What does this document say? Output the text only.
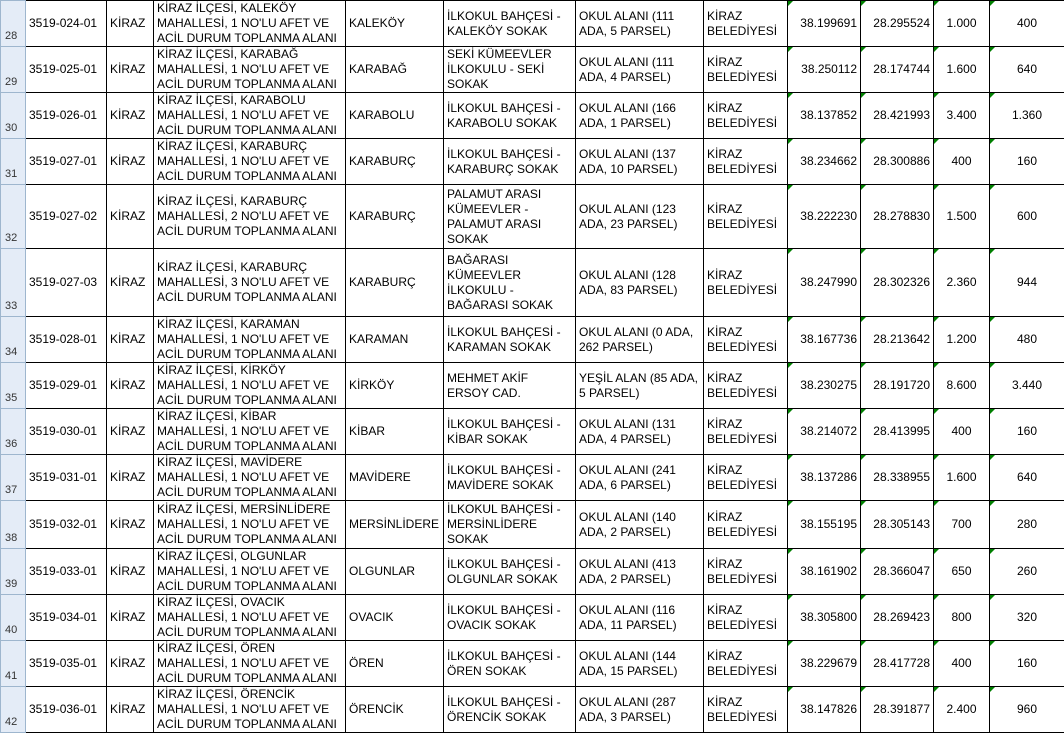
28	3519-024-01	KİRAZ	KİRAZ İLÇESİ, KALEKÖY MAHALLESİ, 1 NO'LU AFET VE ACİL DURUM TOPLANMA ALANI	KALEKÖY	İLKOKUL BAHÇESİ - KALEKÖY SOKAK	OKUL ALANI (111 ADA, 5 PARSEL)	KİRAZ BELEDİYESİ	38.199691	28.295524	1.000	400
29	3519-025-01	KİRAZ	KİRAZ İLÇESİ, KARABAĞ MAHALLESİ, 1 NO'LU AFET VE ACİL DURUM TOPLANMA ALANI	KARABAĞ	SEKİ KÜMEEVLER İLKOKULU - SEKİ SOKAK	OKUL ALANI (111 ADA, 4 PARSEL)	KİRAZ BELEDİYESİ	38.250112	28.174744	1.600	640
30	3519-026-01	KİRAZ	KİRAZ İLÇESİ, KARABOLU MAHALLESİ, 1 NO'LU AFET VE ACİL DURUM TOPLANMA ALANI	KARABOLU	İLKOKUL BAHÇESİ - KARABOLU SOKAK	OKUL ALANI (166 ADA, 1 PARSEL)	KİRAZ BELEDİYESİ	38.137852	28.421993	3.400	1.360
31	3519-027-01	KİRAZ	KİRAZ İLÇESİ, KARABURÇ MAHALLESİ, 1 NO'LU AFET VE ACİL DURUM TOPLANMA ALANI	KARABURÇ	İLKOKUL BAHÇESİ - KARABURÇ SOKAK	OKUL ALANI (137 ADA, 10 PARSEL)	KİRAZ BELEDİYESİ	38.234662	28.300886	400	160
32	3519-027-02	KİRAZ	KİRAZ İLÇESİ, KARABURÇ MAHALLESİ, 2 NO'LU AFET VE ACİL DURUM TOPLANMA ALANI	KARABURÇ	PALAMUT ARASI KÜMEEVLER - PALAMUT ARASI SOKAK	OKUL ALANI (123 ADA, 23 PARSEL)	KİRAZ BELEDİYESİ	38.222230	28.278830	1.500	600
33	3519-027-03	KİRAZ	KİRAZ İLÇESİ, KARABURÇ MAHALLESİ, 3 NO'LU AFET VE ACİL DURUM TOPLANMA ALANI	KARABURÇ	BAĞARASI KÜMEEVLER İLKOKULU - BAĞARASI SOKAK	OKUL ALANI (128 ADA, 83 PARSEL)	KİRAZ BELEDİYESİ	38.247990	28.302326	2.360	944
34	3519-028-01	KİRAZ	KİRAZ İLÇESİ, KARAMAN MAHALLESİ, 1 NO'LU AFET VE ACİL DURUM TOPLANMA ALANI	KARAMAN	İLKOKUL BAHÇESİ - KARAMAN SOKAK	OKUL ALANI (0 ADA, 262 PARSEL)	KİRAZ BELEDİYESİ	38.167736	28.213642	1.200	480
35	3519-029-01	KİRAZ	KİRAZ İLÇESİ, KİRKÖY MAHALLESİ, 1 NO'LU AFET VE ACİL DURUM TOPLANMA ALANI	KİRKÖY	MEHMET AKİF ERSOY CAD.	YEŞİL ALAN (85 ADA, 5 PARSEL)	KİRAZ BELEDİYESİ	38.230275	28.191720	8.600	3.440
36	3519-030-01	KİRAZ	KİRAZ İLÇESİ, KİBAR MAHALLESİ, 1 NO'LU AFET VE ACİL DURUM TOPLANMA ALANI	KİBAR	İLKOKUL BAHÇESİ - KİBAR SOKAK	OKUL ALANI (131 ADA, 4 PARSEL)	KİRAZ BELEDİYESİ	38.214072	28.413995	400	160
37	3519-031-01	KİRAZ	KİRAZ İLÇESİ, MAVİDERE MAHALLESİ, 1 NO'LU AFET VE ACİL DURUM TOPLANMA ALANI	MAVİDERE	İLKOKUL BAHÇESİ - MAVİDERE SOKAK	OKUL ALANI (241 ADA, 6 PARSEL)	KİRAZ BELEDİYESİ	38.137286	28.338955	1.600	640
38	3519-032-01	KİRAZ	KİRAZ İLÇESİ, MERSİNLİDERE MAHALLESİ, 1 NO'LU AFET VE ACİL DURUM TOPLANMA ALANI	MERSİNLİDERE	İLKOKUL BAHÇESİ - MERSİNLİDERE SOKAK	OKUL ALANI (140 ADA, 2 PARSEL)	KİRAZ BELEDİYESİ	38.155195	28.305143	700	280
39	3519-033-01	KİRAZ	KİRAZ İLÇESİ, OLGUNLAR MAHALLESİ, 1 NO'LU AFET VE ACİL DURUM TOPLANMA ALANI	OLGUNLAR	İLKOKUL BAHÇESİ - OLGUNLAR SOKAK	OKUL ALANI (413 ADA, 2 PARSEL)	KİRAZ BELEDİYESİ	38.161902	28.366047	650	260
40	3519-034-01	KİRAZ	KİRAZ İLÇESİ, OVACIK MAHALLESİ, 1 NO'LU AFET VE ACİL DURUM TOPLANMA ALANI	OVACIK	İLKOKUL BAHÇESİ - OVACIK SOKAK	OKUL ALANI (116 ADA, 11 PARSEL)	KİRAZ BELEDİYESİ	38.305800	28.269423	800	320
41	3519-035-01	KİRAZ	KİRAZ İLÇESİ, ÖREN MAHALLESİ, 1 NO'LU AFET VE ACİL DURUM TOPLANMA ALANI	ÖREN	İLKOKUL BAHÇESİ - ÖREN SOKAK	OKUL ALANI (144 ADA, 15 PARSEL)	KİRAZ BELEDİYESİ	38.229679	28.417728	400	160
42	3519-036-01	KİRAZ	KİRAZ İLÇESİ, ÖRENCİK MAHALLESİ, 1 NO'LU AFET VE ACİL DURUM TOPLANMA ALANI	ÖRENCİK	İLKOKUL BAHÇESİ - ÖRENCİK SOKAK	OKUL ALANI (287 ADA, 3 PARSEL)	KİRAZ BELEDİYESİ	38.147826	28.391877	2.400	960
